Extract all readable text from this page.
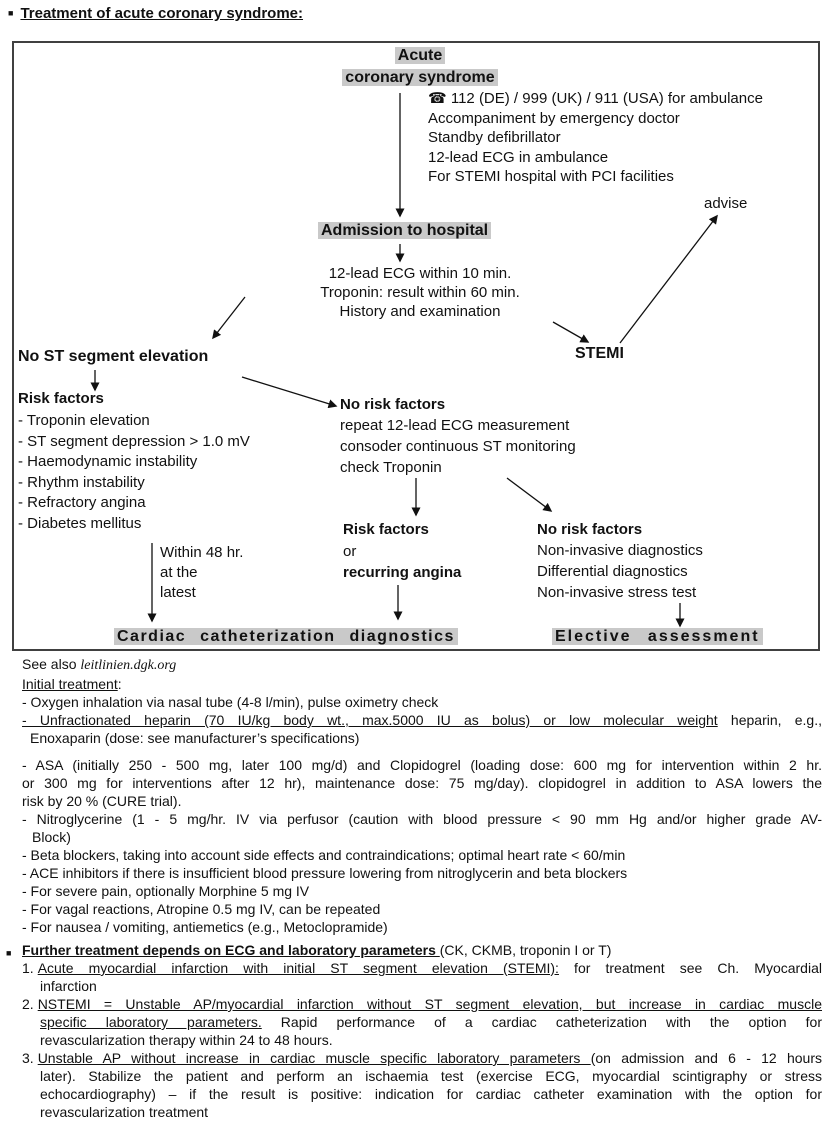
■ Treatment of acute coronary syndrome:
Acute
coronary syndrome
☎ 112 (DE) / 999 (UK) / 911 (USA) for ambulance
Accompaniment by emergency doctor
Standby defibrillator
12-lead ECG in ambulance
For STEMI hospital with PCI facilities
advise
Admission to hospital
12-lead ECG within 10 min.
Troponin: result within 60 min.
History and examination
STEMI
No ST segment elevation
Risk factors
- Troponin elevation
- ST segment depression > 1.0 mV
- Haemodynamic instability
- Rhythm instability
- Refractory angina
- Diabetes mellitus
Within 48 hr.
at the
latest
No risk factors
repeat 12-lead ECG measurement
consoder continuous ST monitoring
check Troponin
Risk factors
or
recurring angina
No risk factors
Non-invasive diagnostics
Differential diagnostics
Non-invasive stress test
Cardiac catheterization diagnostics	Elective assessment
See also leitlinien.dgk.org
Initial treatment:
- Oxygen inhalation via nasal tube (4-8 l/min), pulse oximetry check
- Unfractionated heparin (70 IU/kg body wt., max.5000 IU as bolus) or low molecular weight heparin, e.g.,
Enoxaparin (dose: see manufacturer’s specifications)
- ASA (initially 250 - 500 mg, later 100 mg/d) and Clopidogrel (loading dose: 600 mg for intervention within 2 hr.
or 300 mg for interventions after 12 hr), maintenance dose: 75 mg/day). clopidogrel in addition to ASA lowers the
risk by 20 % (CURE trial).
- Nitroglycerine (1 - 5 mg/hr. IV via perfusor (caution with blood pressure < 90 mm Hg and/or higher grade AV-
Block)
- Beta blockers, taking into account side effects and contraindications; optimal heart rate < 60/min
- ACE inhibitors if there is insufficient blood pressure lowering from nitroglycerin and beta blockers
- For severe pain, optionally Morphine 5 mg IV
- For vagal reactions, Atropine 0.5 mg IV, can be repeated
- For nausea / vomiting, antiemetics (e.g., Metoclopramide)
■ Further treatment depends on ECG and laboratory parameters (CK, CKMB, troponin I or T)
1. Acute myocardial infarction with initial ST segment elevation (STEMI): for treatment see Ch. Myocardial
infarction
2. NSTEMI = Unstable AP/myocardial infarction without ST segment elevation, but increase in cardiac muscle
specific laboratory parameters. Rapid performance of a cardiac catheterization with the option for
revascularization therapy within 24 to 48 hours.
3. Unstable AP without increase in cardiac muscle specific laboratory parameters (on admission and 6 - 12 hours
later). Stabilize the patient and perform an ischaemia test (exercise ECG, myocardial scintigraphy or stress
echocardiography) – if the result is positive: indication for cardiac catheter examination with the option for
revascularization treatment
